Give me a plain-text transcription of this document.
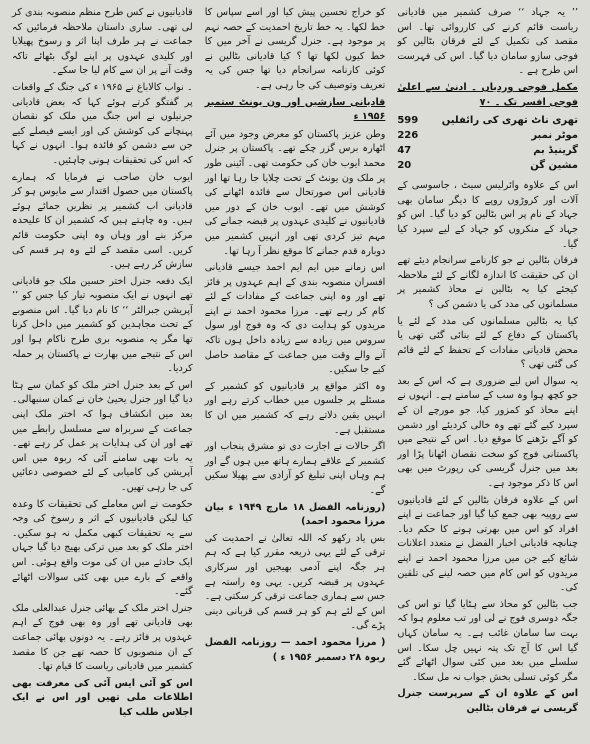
’’ یہ جہاد ‘‘ صرف کشمیر میں قادیانی ریاست قائم کرنے کی کارروائی تھا۔ اس مقصد کی تکمیل کے لئے فرقان بٹالین کو فوجی سازو سامان دیا گیا۔ اس کی فہرست اس طرح ہے ۔

مکمل فوجی وردیاں ۔ ادنیٰ سے اعلیٰ فوجی افسر تک ۔ ۷۰
تھری ناٹ تھری کی رائفلیں
599
موٹر نمبر
226
گرینیڈ بم
47
مشین گن
20

اس کے علاوہ وائرلیس سیٹ ، جاسوسی کے آلات اور کروڑوں روپے کا دیگر سامان بھی جہاد کے نام پر اس بٹالین کو دیا گیا۔ اس کو جہاد کے منکروں کو جہاد کے لیے سپرد کیا گیا۔

فرقان بٹالین نے جو کارنامے سرانجام دیئے تھے ان کی حقیقت کا اندازہ لگانے کے لئے ملاحظہ کیجئے کیا یہ بٹالین نے محاذ کشمیر پر مسلمانوں کی مدد کی یا دشمن کی ؟

کیا یہ بٹالین مسلمانوں کی مدد کے لئے یا پاکستان کے دفاع کے لئے بنائی گئی تھی یا محض قادیانی مفادات کے تحفظ کے لئے قائم کی گئی تھی ؟

یہ سوال اس لیے ضروری ہے کہ اس کے بعد جو کچھ ہوا وہ سب کے سامنے ہے۔ انہوں نے اپنے محاذ کو کمزور کیا، جو مورچے ان کے سپرد کیے گئے تھے وہ خالی کردیئے اور دشمن کو آگے بڑھنے کا موقع دیا۔ اس کے نتیجے میں پاکستانی فوج کو سخت نقصان اٹھانا پڑا اور بعد میں جنرل گریسی کی رپورٹ میں بھی اس کا ذکر موجود ہے۔

اس کے علاوہ فرقان بٹالین کے لئے قادیانیوں سے روپیہ بھی جمع کیا گیا اور جماعت نے اپنے افراد کو اس میں بھرتی ہونے کا حکم دیا۔ چنانچہ قادیانی اخبار الفضل نے متعدد اعلانات شائع کیے جن میں مرزا محمود احمد نے اپنے مریدوں کو اس کام میں حصہ لینے کی تلقین کی۔

جب بٹالین کو محاذ سے ہٹایا گیا تو اس کی جگہ دوسری فوج نے لی اور تب معلوم ہوا کہ بہت سا سامان غائب ہے۔ یہ سامان کہاں گیا اس کا آج تک پتہ نہیں چل سکا۔ اس سلسلے میں بعد میں کئی سوال اٹھائے گئے مگر کوئی تسلی بخش جواب نہ مل سکا۔

اس کے علاوہ ان کے سرپرست جنرل گریسی نے فرقان بٹالین

کو خراج تحسین پیش کیا اور اسے سپاس کا خط لکھا۔ یہ خط تاریخ احمدیت کے حصہ نہم پر موجود ہے۔ جنرل گریسی نے آخر میں کا خط کیوں لکھا تھا ؟ کیا قادیانی بٹالین نے کوئی کارنامہ سرانجام دیا تھا جس کی یہ تعریف وتوصیف کی جا رہی ہے۔

قادیانی سازشیں اور ون یونٹ ستمبر ۱۹۵۶ ء

وطن عزیز پاکستان کو معرض وجود میں آئے اٹھارہ برس گزر چکے تھے۔ پاکستان پر جنرل محمد ایوب خان کی حکومت تھی۔ آئینی طور پر ملک ون یونٹ کے تحت چلایا جا رہا تھا اور قادیانی اس صورتحال سے فائدہ اٹھانے کی کوشش میں تھے۔ ایوب خان کے دور میں قادیانیوں نے کلیدی عہدوں پر قبضہ جمانے کی مہم تیز کردی تھی اور انہیں کشمیر میں دوبارہ قدم جمانے کا موقع نظر آ رہا تھا۔

اس زمانے میں ایم ایم احمد جیسے قادیانی افسران منصوبہ بندی کے اہم عہدوں پر فائز تھے اور وہ اپنی جماعت کے مفادات کے لئے کام کر رہے تھے۔ مرزا محمود احمد نے اپنے مریدوں کو ہدایت دی کہ وہ فوج اور سول سروس میں زیادہ سے زیادہ داخل ہوں تاکہ آنے والے وقت میں جماعت کے مقاصد حاصل کیے جا سکیں۔

وہ اکثر مواقع پر قادیانیوں کو کشمیر کے مسئلے پر جلسوں میں خطاب کرتے رہے اور انہیں یقین دلاتے رہے کہ کشمیر میں ان کا مستقبل ہے۔

اگر حالات نے اجازت دی تو مشرق پنجاب اور کشمیر کے علاقے ہمارے ہاتھ میں ہوں گے اور ہم وہاں اپنی تبلیغ کو آزادی سے پھیلا سکیں گے۔

(روزنامہ الفضل ۱۸ مارچ ۱۹۴۹ ء بیان مرزا محمود احمد)

بس یاد رکھو کہ اللہ تعالیٰ نے احمدیت کی ترقی کے لئے یہی ذریعہ مقرر کیا ہے کہ ہم ہر جگہ اپنے آدمی بھیجیں اور سرکاری عہدوں پر قبضہ کریں۔ یہی وہ راستہ ہے جس سے ہماری جماعت ترقی کر سکتی ہے۔ اس کے لئے ہم کو ہر قسم کی قربانی دینی پڑے گی۔

( مرزا محمود احمد — روزنامہ الفضل ربوہ ۲۸ دسمبر ۱۹۵۶ ء )

قادیانیوں نے کس طرح منظم منصوبہ بندی کر لی تھی۔ ساری داستان ملاحظہ فرمائیں کہ جماعت نے ہر طرف اپنا اثر و رسوخ پھیلایا اور کلیدی عہدوں پر اپنے لوگ بٹھائے تاکہ وقت آنے پر ان سے کام لیا جا سکے۔

۔ نواب کالاباغ نے ۱۹۶۵ ء کی جنگ کے واقعات پر گفتگو کرتے ہوئے کہا کہ بعض قادیانی جرنیلوں نے اس جنگ میں ملک کو نقصان پہنچانے کی کوشش کی اور ایسے فیصلے کیے جن سے دشمن کو فائدہ ہوا۔ انہوں نے کہا کہ اس کی تحقیقات ہونی چاہئیں۔

ایوب خان صاحب نے فرمایا کہ ہمارے پاکستان میں حصول اقتدار سے مایوس ہو کر قادیانی اب کشمیر پر نظریں جمائے ہوئے ہیں۔ وہ چاہتے ہیں کہ کشمیر ان کا علیحدہ مرکز بنے اور وہاں وہ اپنی حکومت قائم کریں۔ اسی مقصد کے لئے وہ ہر قسم کی سازش کر رہے ہیں۔

ایک دفعہ جنرل اختر حسین ملک جو قادیانی تھے انہوں نے ایک منصوبہ تیار کیا جس کو ’’ آپریشن جبرالٹر ‘‘ کا نام دیا گیا۔ اس منصوبے کے تحت مجاہدین کو کشمیر میں داخل کرنا تھا مگر یہ منصوبہ بری طرح ناکام ہوا اور اس کے نتیجے میں بھارت نے پاکستان پر حملہ کردیا۔

اس کے بعد جنرل اختر ملک کو کمان سے ہٹا دیا گیا اور جنرل یحییٰ خان نے کمان سنبھالی۔ بعد میں انکشاف ہوا کہ اختر ملک اپنی جماعت کے سربراہ سے مسلسل رابطے میں تھے اور ان کی ہدایات پر عمل کر رہے تھے۔ یہ بات بھی سامنے آئی کہ ربوہ میں اس آپریشن کی کامیابی کے لئے خصوصی دعائیں کی جا رہی تھیں۔

حکومت نے اس معاملے کی تحقیقات کا وعدہ کیا لیکن قادیانیوں کے اثر و رسوخ کی وجہ سے یہ تحقیقات کبھی مکمل نہ ہو سکیں۔ اختر ملک کو بعد میں ترکی بھیج دیا گیا جہاں ایک حادثے میں ان کی موت واقع ہوئی۔ اس واقعے کے بارے میں بھی کئی سوالات اٹھائے گئے۔

جنرل اختر ملک کے بھائی جنرل عبدالعلی ملک بھی قادیانی تھے اور وہ بھی فوج کے اہم عہدوں پر فائز رہے۔ یہ دونوں بھائی جماعت کے ان منصوبوں کا حصہ تھے جن کا مقصد کشمیر میں قادیانی ریاست کا قیام تھا۔

اس کو آئی ایس آئی کی معرفت بھی اطلاعات ملی تھیں اور اس نے ایک اجلاس طلب کیا
